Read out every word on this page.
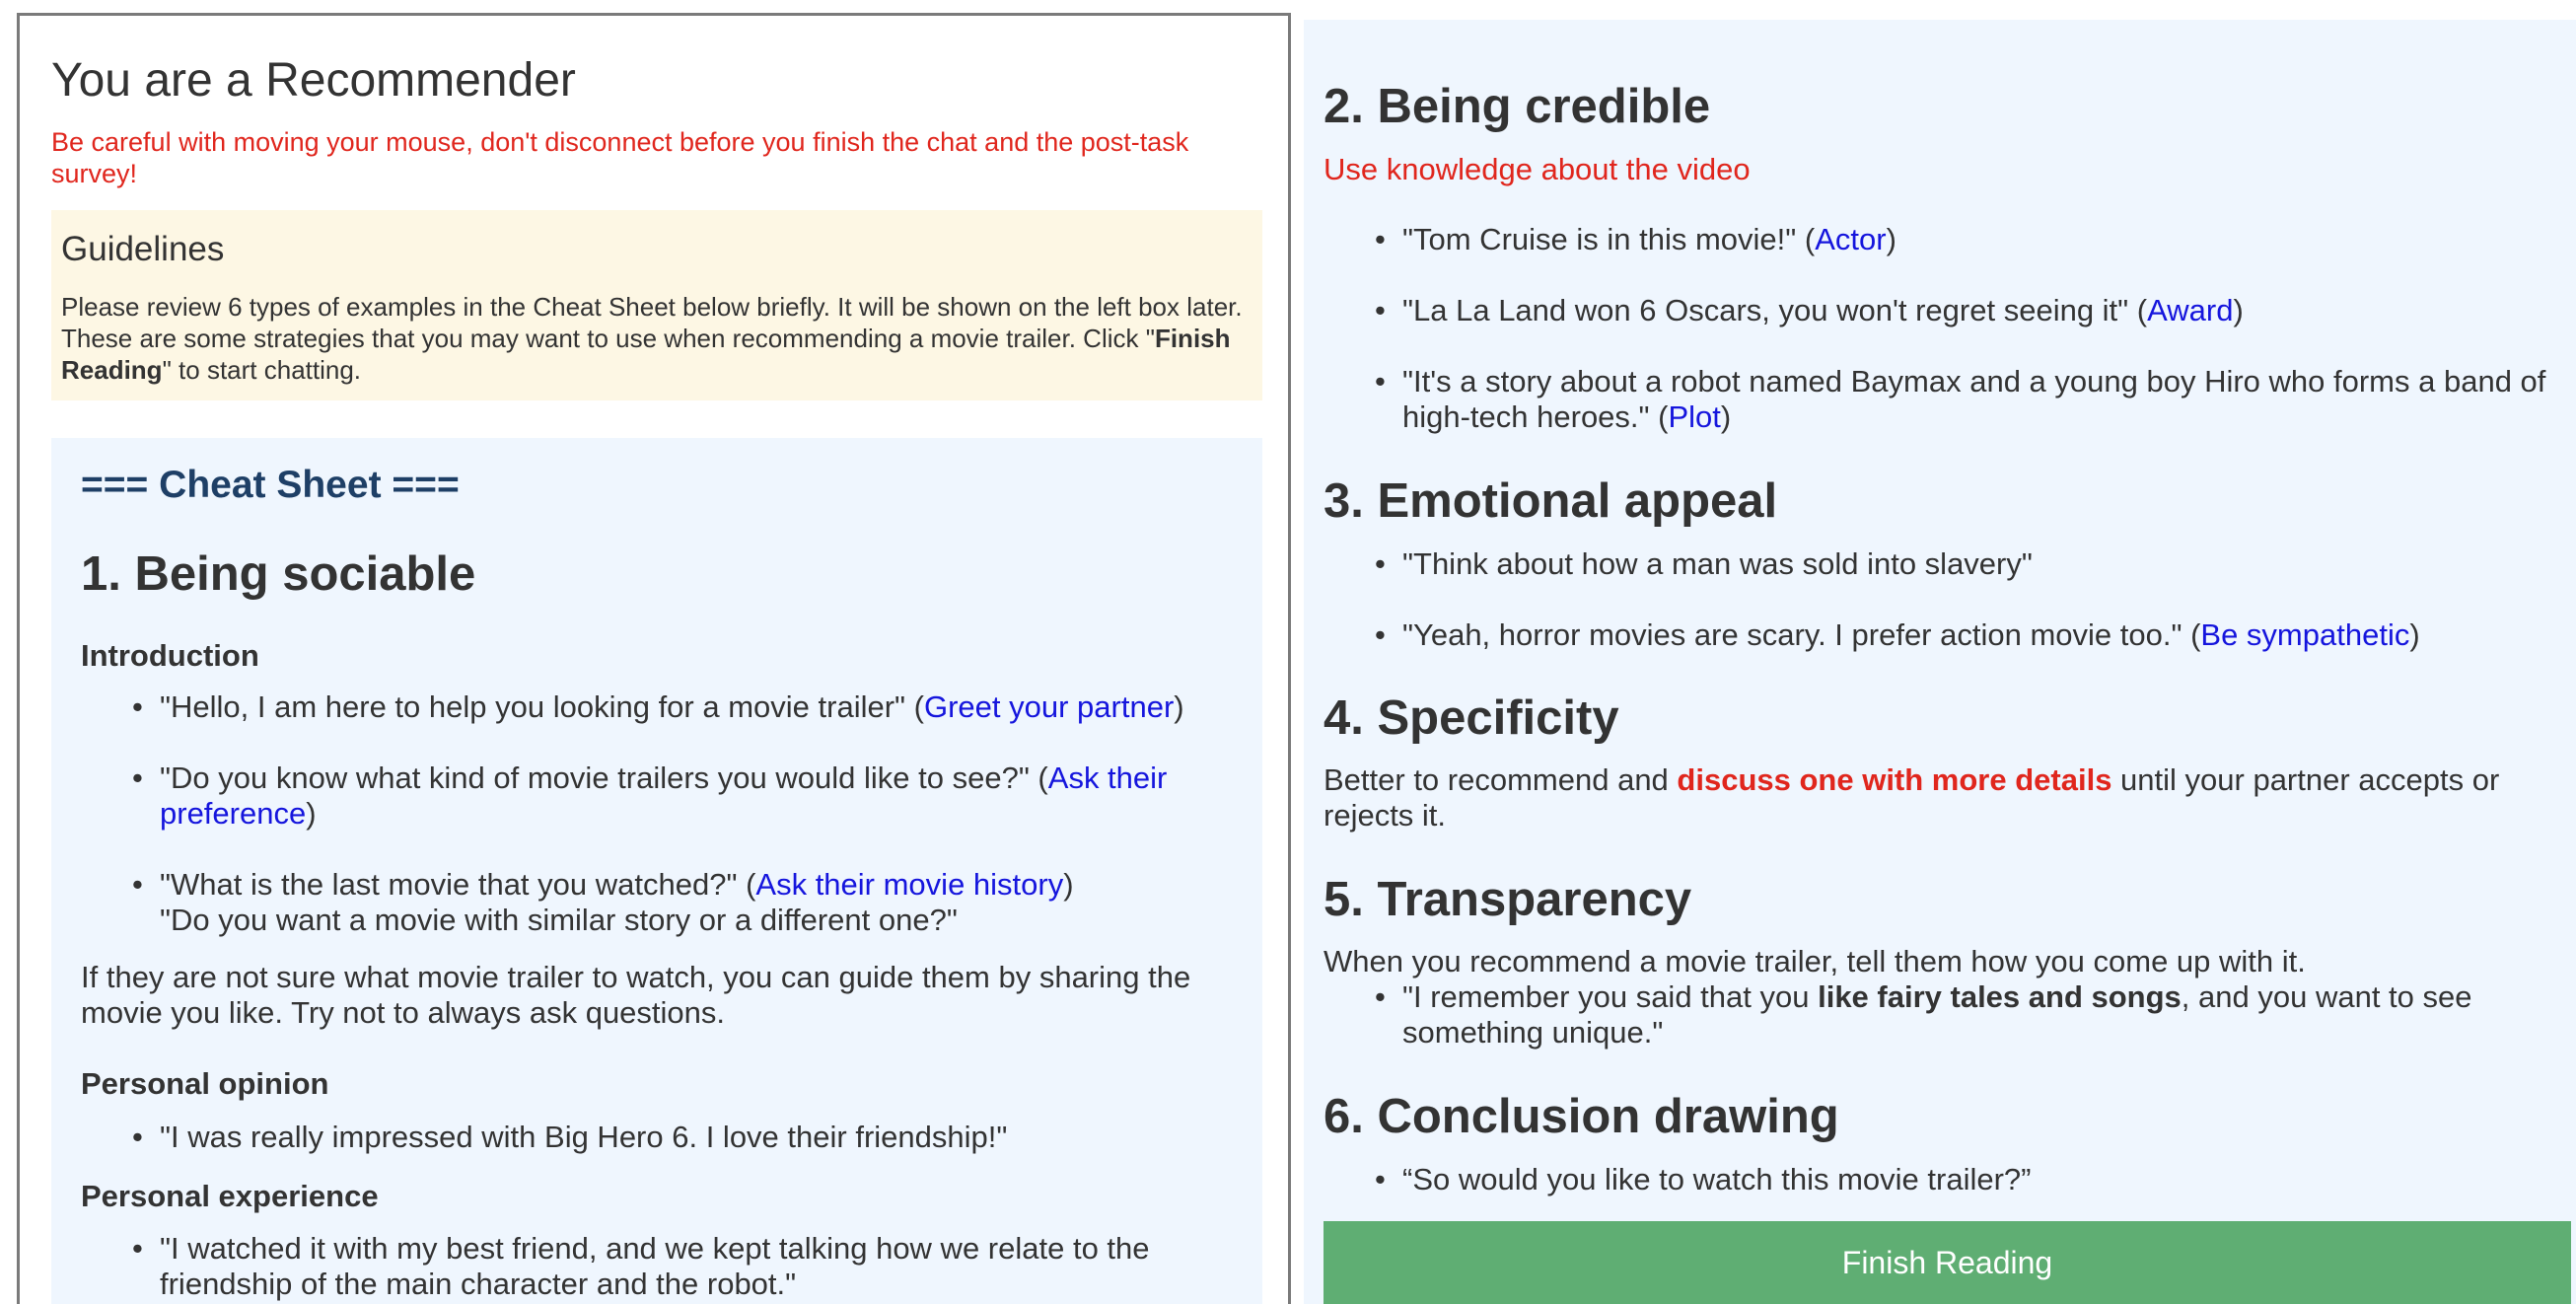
You are a Recommender

Be careful with moving your mouse, don't disconnect before you finish the chat and the post-task survey!

Guidelines

Please review 6 types of examples in the Cheat Sheet below briefly. It will be shown on the left box later. These are some strategies that you may want to use when recommending a movie trailer. Click "Finish Reading" to start chatting.

=== Cheat Sheet ===
1. Being sociable
Introduction
• "Hello, I am here to help you looking for a movie trailer" (Greet your partner)
• "Do you know what kind of movie trailers you would like to see?" (Ask their preference)
• "What is the last movie that you watched?" (Ask their movie history)
"Do you want a movie with similar story or a different one?"

If they are not sure what movie trailer to watch, you can guide them by sharing the movie you like. Try not to always ask questions.

Personal opinion
• "I was really impressed with Big Hero 6. I love their friendship!"
Personal experience
• "I watched it with my best friend, and we kept talking how we relate to the friendship of the main character and the robot."
2. Being credible
Use knowledge about the video
• "Tom Cruise is in this movie!" (Actor)
• "La La Land won 6 Oscars, you won't regret seeing it" (Award)
• "It's a story about a robot named Baymax and a young boy Hiro who forms a band of high-tech heroes." (Plot)
3. Emotional appeal
• "Think about how a man was sold into slavery"
• "Yeah, horror movies are scary. I prefer action movie too." (Be sympathetic)
4. Specificity

Better to recommend and discuss one with more details until your partner accepts or rejects it.

5. Transparency

When you recommend a movie trailer, tell them how you come up with it.

• "I remember you said that you like fairy tales and songs, and you want to see something unique."
6. Conclusion drawing
• “So would you like to watch this movie trailer?”
Finish Reading
